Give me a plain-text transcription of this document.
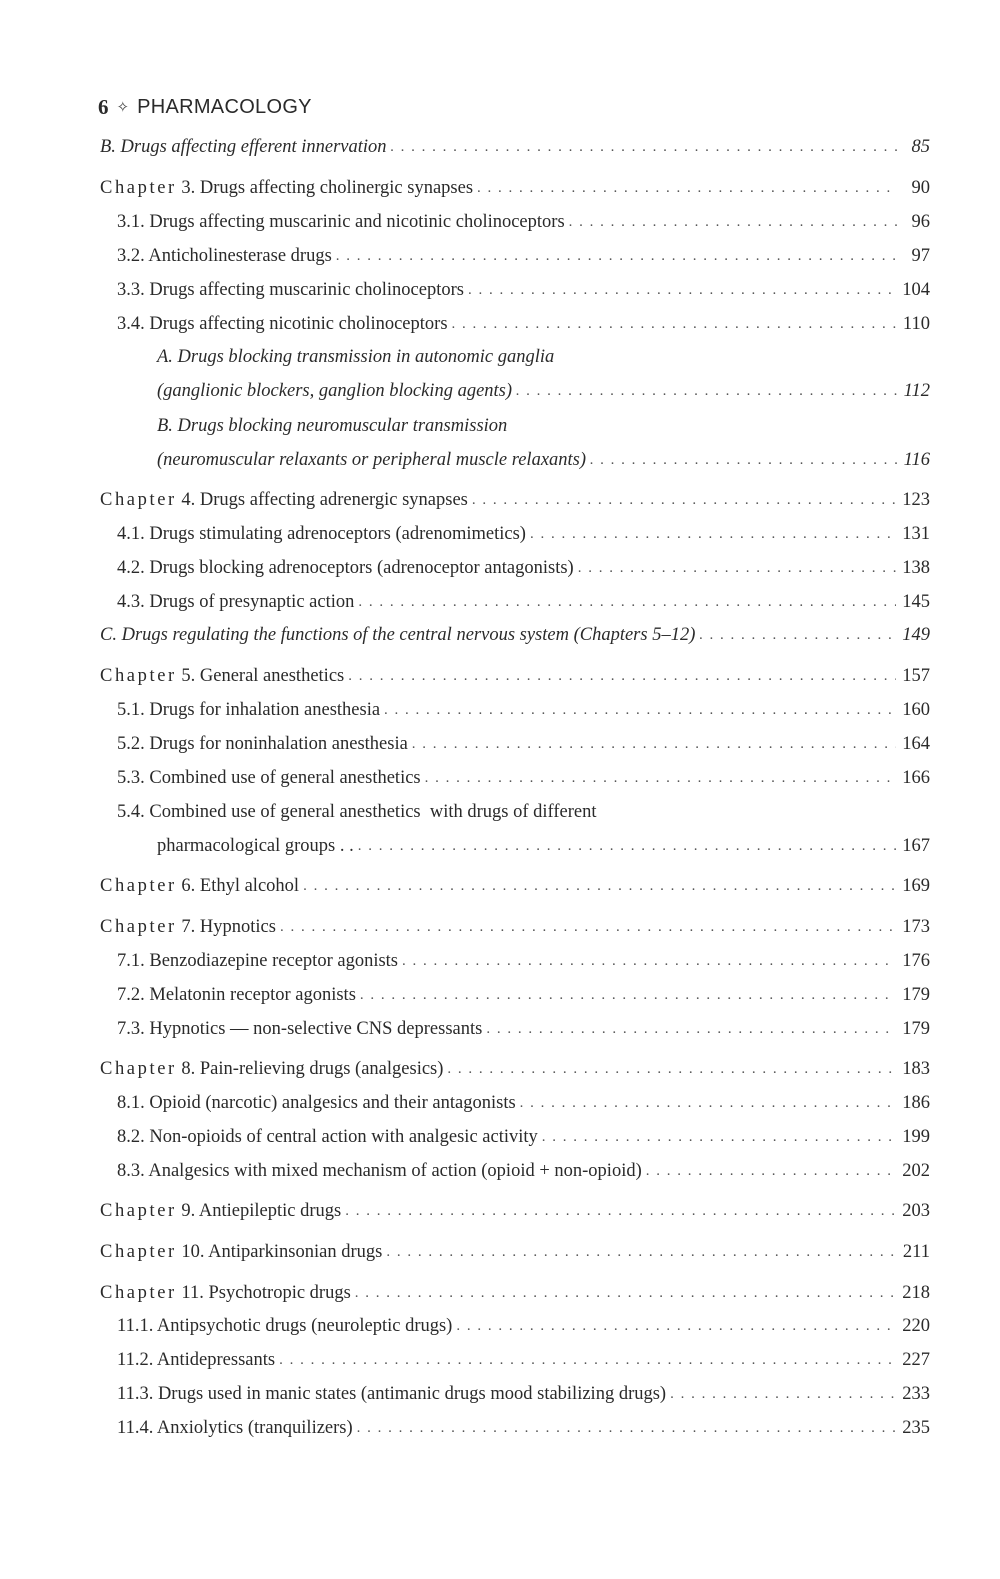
6 ✧ PHARMACOLOGY
B. Drugs affecting efferent innervation . . .	85
Chapter 3. Drugs affecting cholinergic synapses . . .	90
3.1. Drugs affecting muscarinic and nicotinic cholinoceptors . . .	96
3.2. Anticholinesterase drugs . . .	97
3.3. Drugs affecting muscarinic cholinoceptors . . .	104
3.4. Drugs affecting nicotinic cholinoceptors . . .	110
A. Drugs blocking transmission in autonomic ganglia
(ganglionic blockers, ganglion blocking agents) . . .	112
B. Drugs blocking neuromuscular transmission
(neuromuscular relaxants or peripheral muscle relaxants) . . .	116
Chapter 4. Drugs affecting adrenergic synapses . . .	123
4.1. Drugs stimulating adrenoceptors (adrenomimetics) . . .	131
4.2. Drugs blocking adrenoceptors (adrenoceptor antagonists) . . .	138
4.3. Drugs of presynaptic action . . .	145
C. Drugs regulating the functions of the central nervous system (Chapters 5–12) . . .	149
Chapter 5. General anesthetics . . .	157
5.1. Drugs for inhalation anesthesia . . .	160
5.2. Drugs for noninhalation anesthesia . . .	164
5.3. Combined use of general anesthetics . . .	166
5.4. Combined use of general anesthetics  with drugs of different
pharmacological groups . . . . .	167
Chapter 6. Ethyl alcohol . . .	169
Chapter 7. Hypnotics . . .	173
7.1. Benzodiazepine receptor agonists . . .	176
7.2. Melatonin receptor agonists . . .	179
7.3. Hypnotics — non-selective CNS depressants . . .	179
Chapter 8. Pain-relieving drugs (analgesics) . . .	183
8.1. Opioid (narcotic) analgesics and their antagonists . . .	186
8.2. Non-opioids of central action with analgesic activity . . .	199
8.3. Analgesics with mixed mechanism of action (opioid + non-opioid) . . .	202
Chapter 9. Antiepileptic drugs . . .	203
Chapter 10. Antiparkinsonian drugs . . .	211
Chapter 11. Psychotropic drugs . . .	218
11.1. Antipsychotic drugs (neuroleptic drugs) . . .	220
11.2. Antidepressants . . .	227
11.3. Drugs used in manic states (antimanic drugs mood stabilizing drugs) . . .	233
11.4. Anxiolytics (tranquilizers) . . .	235
